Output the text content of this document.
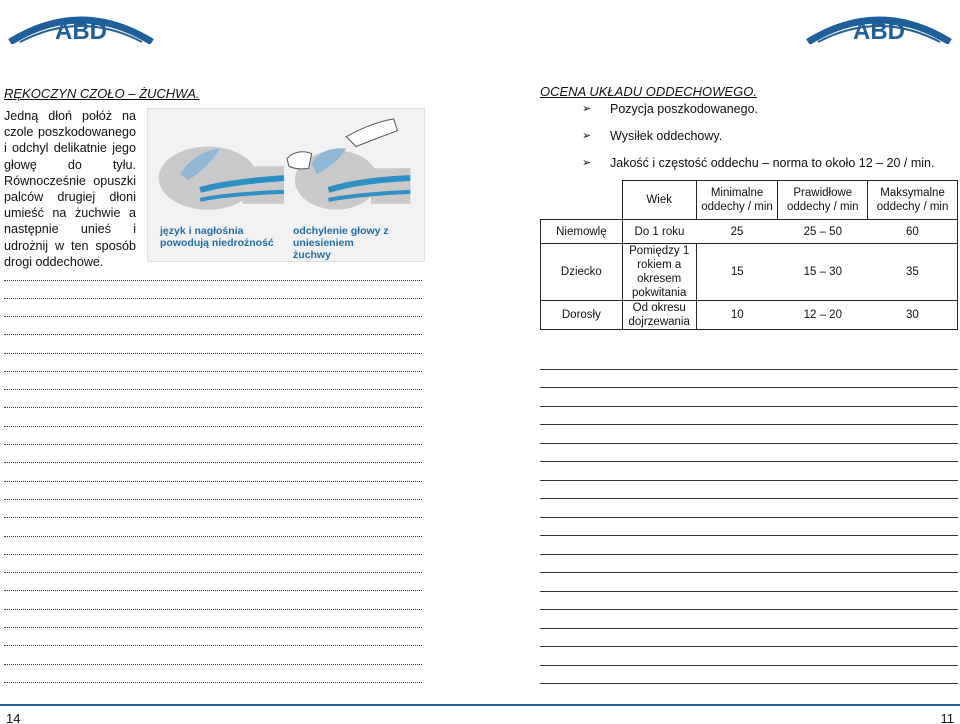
ABD	ABD
RĘKOCZYN CZOŁO – ŻUCHWA.
Jedną dłoń połóż na czole poszkodowanego i odchyl delikatnie jego głowę do tyłu. Równocześnie opuszki palców drugiej dłoni umieść na żuchwie a następnie unieś i udrożnij w ten sposób drogi oddechowe.
język i nagłośnia powodują niedrożność
odchylenie głowy z uniesieniem żuchwy
OCENA UKŁADU ODDECHOWEGO.
➢ Pozycja poszkodowanego.
➢ Wysiłek oddechowy.
➢ Jakość i częstość oddechu – norma to około 12 – 20 / min.
	Wiek	Minimalne oddechy / min	Prawidłowe oddechy / min	Maksymalne oddechy / min
Niemowlę	Do 1 roku	25	25 – 50	60
Dziecko	Pomiędzy 1 rokiem a okresem pokwitania	15	15 – 30	35
Dorosły	Od okresu dojrzewania	10	12 – 20	30
14	11
